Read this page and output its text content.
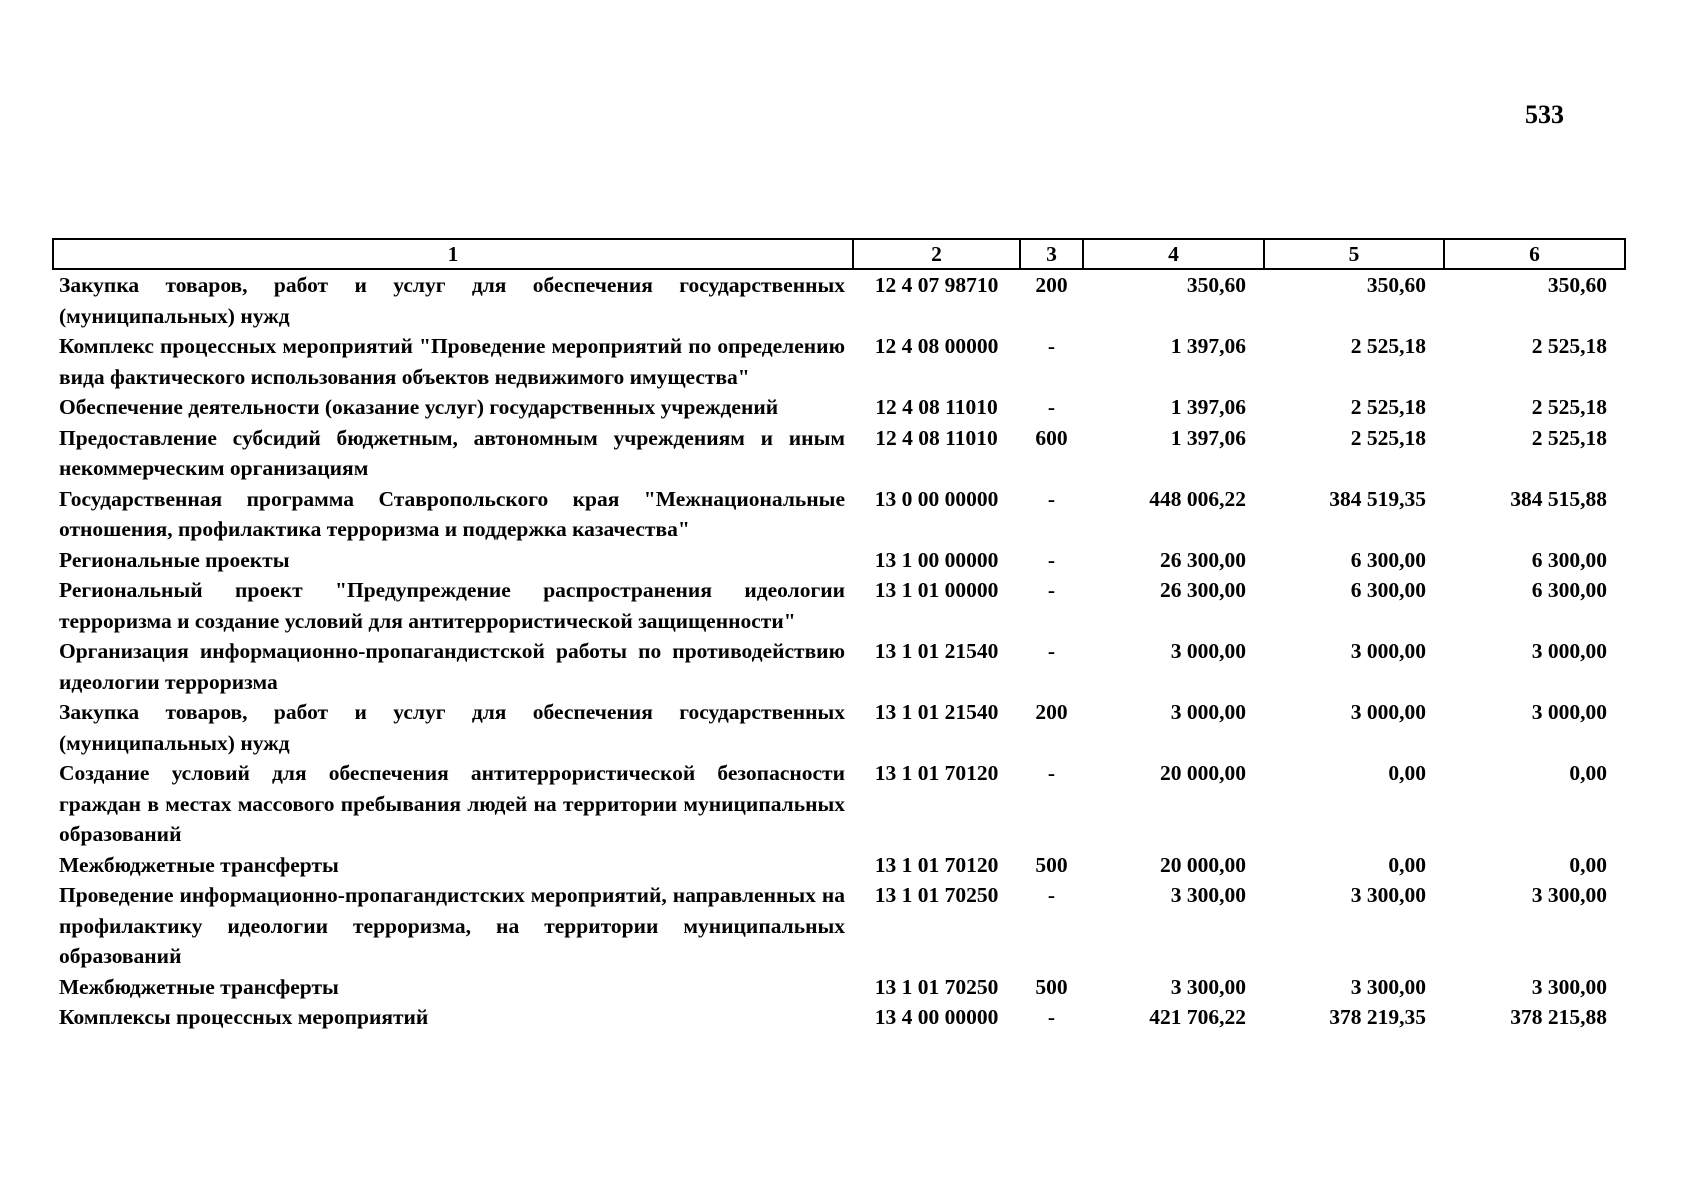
533
1	2	3	4	5	6
Закупка товаров, работ и услуг для обеспечения государственных (муниципальных) нужд	12 4 07 98710	200	350,60	350,60	350,60
Комплекс процессных мероприятий "Проведение мероприятий по определению вида фактического использования объектов недвижимого имущества"	12 4 08 00000	-	1 397,06	2 525,18	2 525,18
Обеспечение деятельности (оказание услуг) государственных учреждений	12 4 08 11010	-	1 397,06	2 525,18	2 525,18
Предоставление субсидий бюджетным, автономным учреждениям и иным некоммерческим организациям	12 4 08 11010	600	1 397,06	2 525,18	2 525,18
Государственная программа Ставропольского края "Межнациональные отношения, профилактика терроризма и поддержка казачества"	13 0 00 00000	-	448 006,22	384 519,35	384 515,88
Региональные проекты	13 1 00 00000	-	26 300,00	6 300,00	6 300,00
Региональный проект "Предупреждение распространения идеологии терроризма и создание условий для антитеррористической защищенности"	13 1 01 00000	-	26 300,00	6 300,00	6 300,00
Организация информационно-пропагандистской работы по противодействию идеологии терроризма	13 1 01 21540	-	3 000,00	3 000,00	3 000,00
Закупка товаров, работ и услуг для обеспечения государственных (муниципальных) нужд	13 1 01 21540	200	3 000,00	3 000,00	3 000,00
Создание условий для обеспечения антитеррористической безопасности граждан в местах массового пребывания людей на территории муниципальных образований	13 1 01 70120	-	20 000,00	0,00	0,00
Межбюджетные трансферты	13 1 01 70120	500	20 000,00	0,00	0,00
Проведение информационно-пропагандистских мероприятий, направленных на профилактику идеологии терроризма, на территории муниципальных образований	13 1 01 70250	-	3 300,00	3 300,00	3 300,00
Межбюджетные трансферты	13 1 01 70250	500	3 300,00	3 300,00	3 300,00
Комплексы процессных мероприятий	13 4 00 00000	-	421 706,22	378 219,35	378 215,88
